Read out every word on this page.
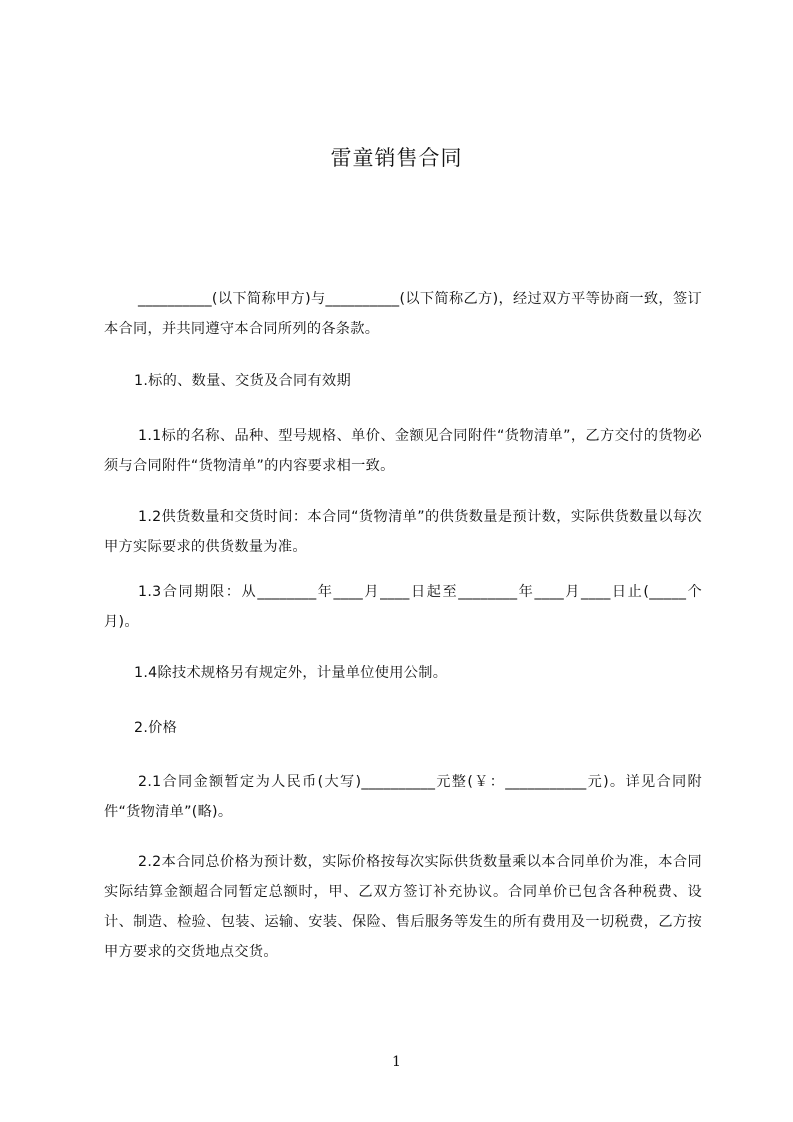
雷童销售合同

__________(以下简称甲方)与__________(以下简称乙方)，经过双方平等协商一致，签订本合同，并共同遵守本合同所列的各条款。

1.标的、数量、交货及合同有效期

1.1标的名称、品种、型号规格、单价、金额见合同附件“货物清单”，乙方交付的货物必须与合同附件“货物清单”的内容要求相一致。

1.2供货数量和交货时间：本合同“货物清单”的供货数量是预计数，实际供货数量以每次甲方实际要求的供货数量为准。

1.3合同期限：从________年____月____日起至________年____月____日止(_____个月)。

1.4除技术规格另有规定外，计量单位使用公制。

2.价格

2.1合同金额暂定为人民币(大写)__________元整(￥：___________元)。详见合同附件“货物清单”(略)。

2.2本合同总价格为预计数，实际价格按每次实际供货数量乘以本合同单价为准，本合同实际结算金额超合同暂定总额时，甲、乙双方签订补充协议。合同单价已包含各种税费、设计、制造、检验、包装、运输、安装、保险、售后服务等发生的所有费用及一切税费，乙方按甲方要求的交货地点交货。

1
